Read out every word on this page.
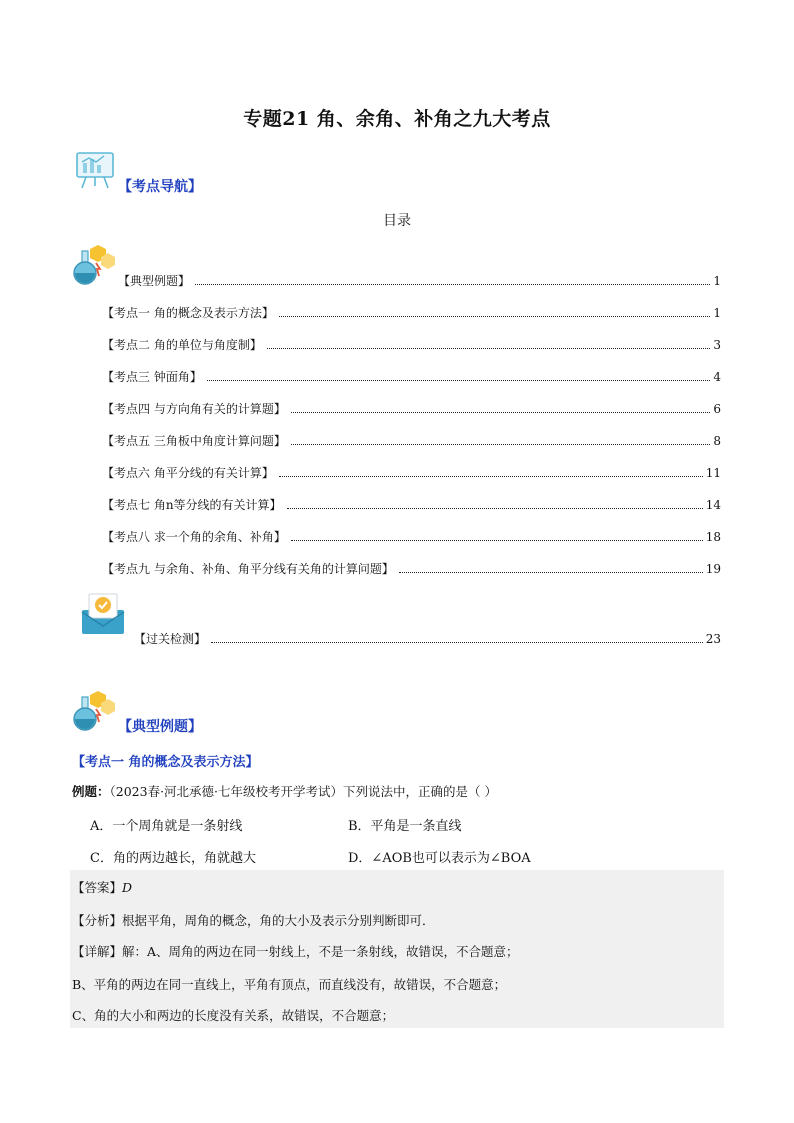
专题21 角、余角、补角之九大考点
【考点导航】
目录
【典型例题】	1
【考点一 角的概念及表示方法】	1
【考点二 角的单位与角度制】	3
【考点三 钟面角】	4
【考点四 与方向角有关的计算题】	6
【考点五 三角板中角度计算问题】	8
【考点六 角平分线的有关计算】	11
【考点七 角n等分线的有关计算】	14
【考点八 求一个角的余角、补角】	18
【考点九 与余角、补角、角平分线有关角的计算问题】	19
【过关检测】	23
【典型例题】
【考点一 角的概念及表示方法】
例题：（2023春·河北承德·七年级校考开学考试）下列说法中，正确的是（ ）
A．一个周角就是一条射线	B．平角是一条直线
C．角的两边越长，角就越大	D．∠AOB也可以表示为∠BOA
【答案】D
【分析】根据平角，周角的概念，角的大小及表示分别判断即可．
【详解】解：A、周角的两边在同一射线上，不是一条射线，故错误，不合题意；
B、平角的两边在同一直线上，平角有顶点，而直线没有，故错误，不合题意；
C、角的大小和两边的长度没有关系，故错误，不合题意；
